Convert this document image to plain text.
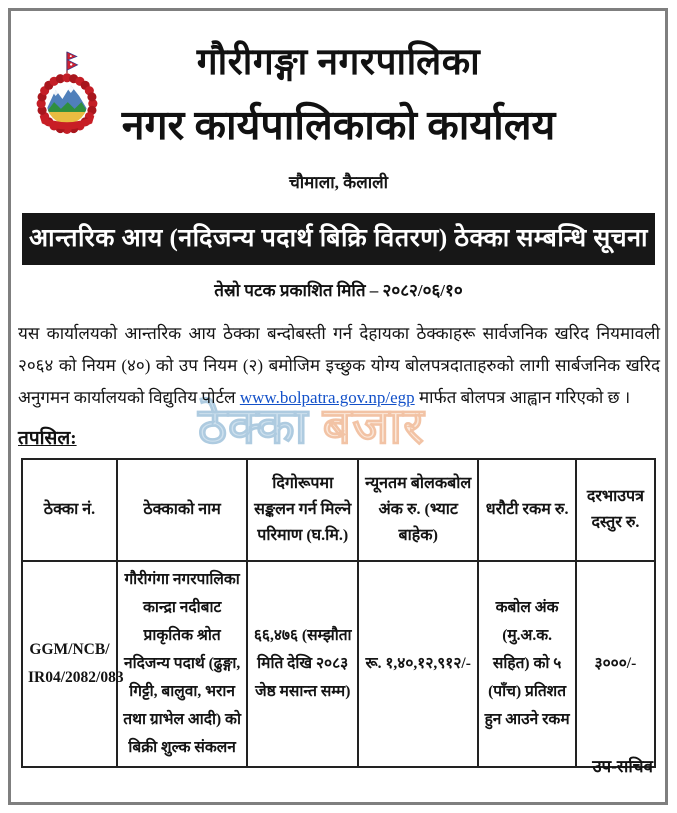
गौरीगङ्गा नगरपालिका
नगर कार्यपालिकाको कार्यालय
चौमाला, कैलाली
आन्तरिक आय (नदिजन्य पदार्थ बिक्रि वितरण) ठेक्का सम्बन्धि सूचना
तेस्रो पटक प्रकाशित मिति – २०८२/०६/१०
यस कार्यालयको आन्तरिक आय ठेक्का बन्दोबस्ती गर्न देहायका ठेक्काहरू सार्वजनिक खरिद नियमावली २०६४ को नियम (४०) को उप नियम (२) बमोजिम इच्छुक योग्य बोलपत्रदाताहरुको लागी सार्बजनिक खरिद अनुगमन कार्यालयको विद्युतिय पोर्टल www.bolpatra.gov.np/egp मार्फत बोलपत्र आह्वान गरिएको छ ।
ठेक्का बजार
तपसिल:
ठेक्का नं.	ठेक्काको नाम	दिगोरूपमा सङ्कलन गर्न मिल्ने परिमाण (घ.मि.)	न्यूनतम बोलकबोल अंक रु. (भ्याट बाहेक)	धरौटी रकम रु.	दरभाउपत्र दस्तुर रु.
GGM/NCB/ IR04/2082/083	गौरीगंगा नगरपालिका कान्द्रा नदीबाट प्राकृतिक श्रोत नदिजन्य पदार्थ (ढुङ्गा, गिट्टी, बालुवा, भरान तथा ग्राभेल आदी) को बिक्री शुल्क संकलन	६६,४७६ (सम्झौता मिति देखि २०८३ जेष्ठ मसान्त सम्म)	रू. १,४०,१२,९१२/-	कबोल अंक (मु.अ.क. सहित) को ५ (पाँच) प्रतिशत हुन आउने रकम	३०००/-
उप-सचिव
